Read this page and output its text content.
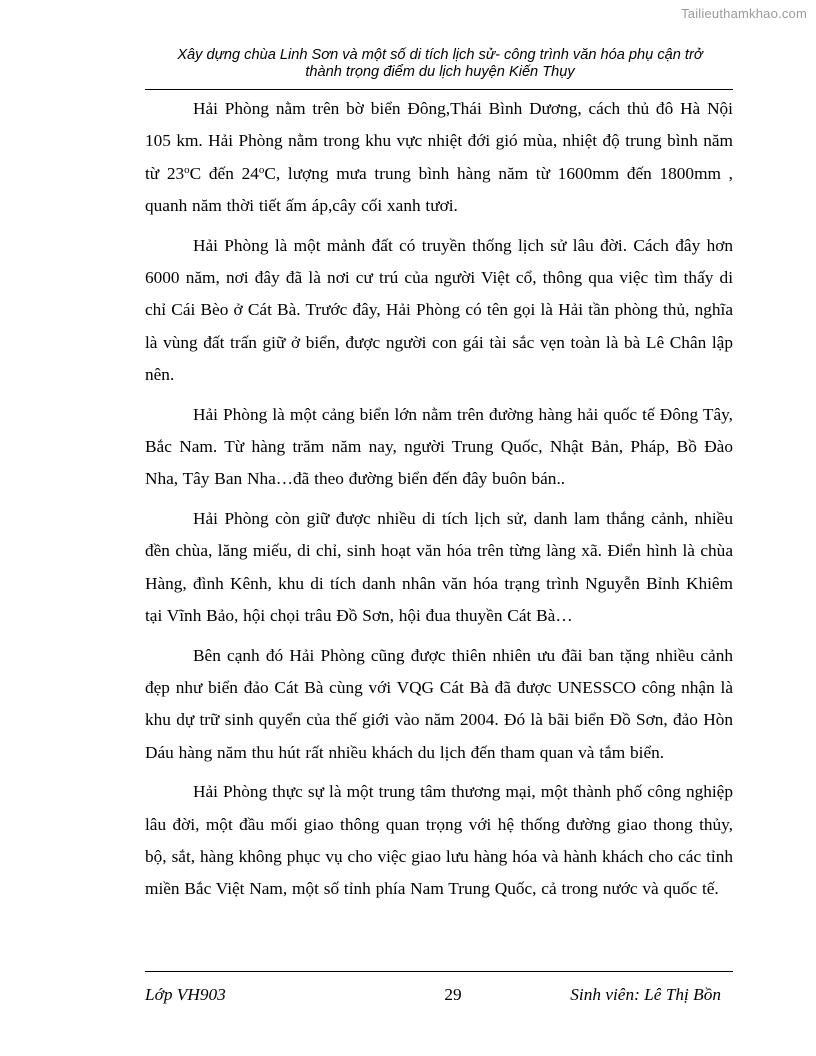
Tailieuthamkhao.com
Xây dựng chùa Linh Sơn và một số di tích lịch sử- công trình văn hóa phụ cận trở
thành trọng điểm du lịch huyện Kiến Thụy

Hải Phòng nằm trên bờ biển Đông,Thái Bình Dương, cách thủ đô Hà Nội 105 km. Hải Phòng nằm trong khu vực nhiệt đới gió mùa, nhiệt độ trung bình năm từ 23$^o$C đến 24$^o$C, lượng mưa trung bình hàng năm từ 1600mm đến 1800mm , quanh năm thời tiết ấm áp,cây cối xanh tươi.

Hải Phòng là một mảnh đất có truyền thống lịch sử lâu đời. Cách đây hơn 6000 năm, nơi đây đã là nơi cư trú của người Việt cổ, thông qua việc tìm thấy di chỉ Cái Bèo ở Cát Bà. Trước đây, Hải Phòng có tên gọi là Hải tần phòng thủ, nghĩa là vùng đất trấn giữ ở biển, được người con gái tài sắc vẹn toàn là bà Lê Chân lập nên.

Hải Phòng là một cảng biển lớn nằm trên đường hàng hải quốc tế Đông Tây, Bắc Nam. Từ hàng trăm năm nay, người Trung Quốc, Nhật Bản, Pháp, Bồ Đào Nha, Tây Ban Nha…đã theo đường biển đến đây buôn bán..

Hải Phòng còn giữ được nhiều di tích lịch sử, danh lam thắng cảnh, nhiều đền chùa, lăng miếu, di chỉ, sinh hoạt văn hóa trên từng làng xã. Điển hình là chùa Hàng, đình Kênh, khu di tích danh nhân văn hóa trạng trình Nguyễn Bỉnh Khiêm tại Vĩnh Bảo, hội chọi trâu Đồ Sơn, hội đua thuyền Cát Bà…

Bên cạnh đó Hải Phòng cũng được thiên nhiên ưu đãi ban tặng nhiều cảnh đẹp như biển đảo Cát Bà cùng với VQG Cát Bà đã được UNESSCO công nhận là khu dự trữ sinh quyển của thế giới vào năm 2004. Đó là bãi biển Đồ Sơn, đảo Hòn Dáu hàng năm thu hút rất nhiều khách du lịch đến tham quan và tắm biển.

Hải Phòng thực sự là một trung tâm thương mại, một thành phố công nghiệp lâu đời, một đầu mối giao thông quan trọng với hệ thống đường giao thong thủy, bộ, sắt, hàng không phục vụ cho việc giao lưu hàng hóa và hành khách cho các tỉnh miền Bắc Việt Nam, một số tỉnh phía Nam Trung Quốc, cả trong nước và quốc tế.

Lớp VH903	29	Sinh viên: Lê Thị Bồn
